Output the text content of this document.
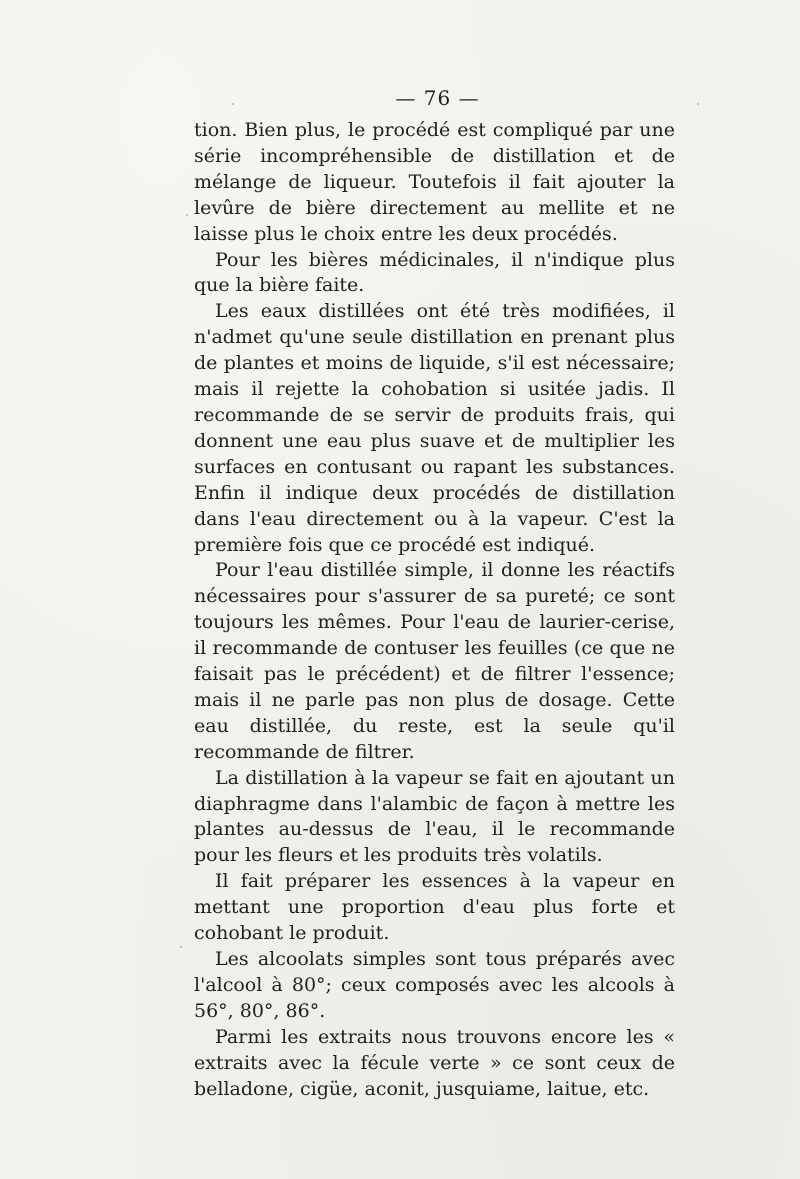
— 76 —

tion. Bien plus, le procédé est compliqué par une série incompréhensible de distillation et de mélange de liqueur. Toutefois il fait ajouter la levûre de bière directement au mellite et ne laisse plus le choix entre les deux procédés.

Pour les bières médicinales, il n'indique plus que la bière faite.

Les eaux distillées ont été très modifiées, il n'admet qu'une seule distillation en prenant plus de plantes et moins de liquide, s'il est nécessaire; mais il rejette la cohobation si usitée jadis. Il recommande de se servir de produits frais, qui donnent une eau plus suave et de multiplier les surfaces en contusant ou rapant les substances. Enfin il indique deux procédés de distillation dans l'eau directement ou à la vapeur. C'est la première fois que ce procédé est indiqué.

Pour l'eau distillée simple, il donne les réactifs nécessaires pour s'assurer de sa pureté; ce sont toujours les mêmes. Pour l'eau de laurier-cerise, il recommande de contuser les feuilles (ce que ne faisait pas le précédent) et de filtrer l'essence; mais il ne parle pas non plus de dosage. Cette eau distillée, du reste, est la seule qu'il recommande de filtrer.

La distillation à la vapeur se fait en ajoutant un diaphragme dans l'alambic de façon à mettre les plantes au-dessus de l'eau, il le recommande pour les fleurs et les produits très volatils.

Il fait préparer les essences à la vapeur en mettant une proportion d'eau plus forte et cohobant le produit.

Les alcoolats simples sont tous préparés avec l'alcool à 80°; ceux composés avec les alcools à 56°, 80°, 86°.

Parmi les extraits nous trouvons encore les « extraits avec la fécule verte » ce sont ceux de belladone, cigüe, aconit, jusquiame, laitue, etc.
